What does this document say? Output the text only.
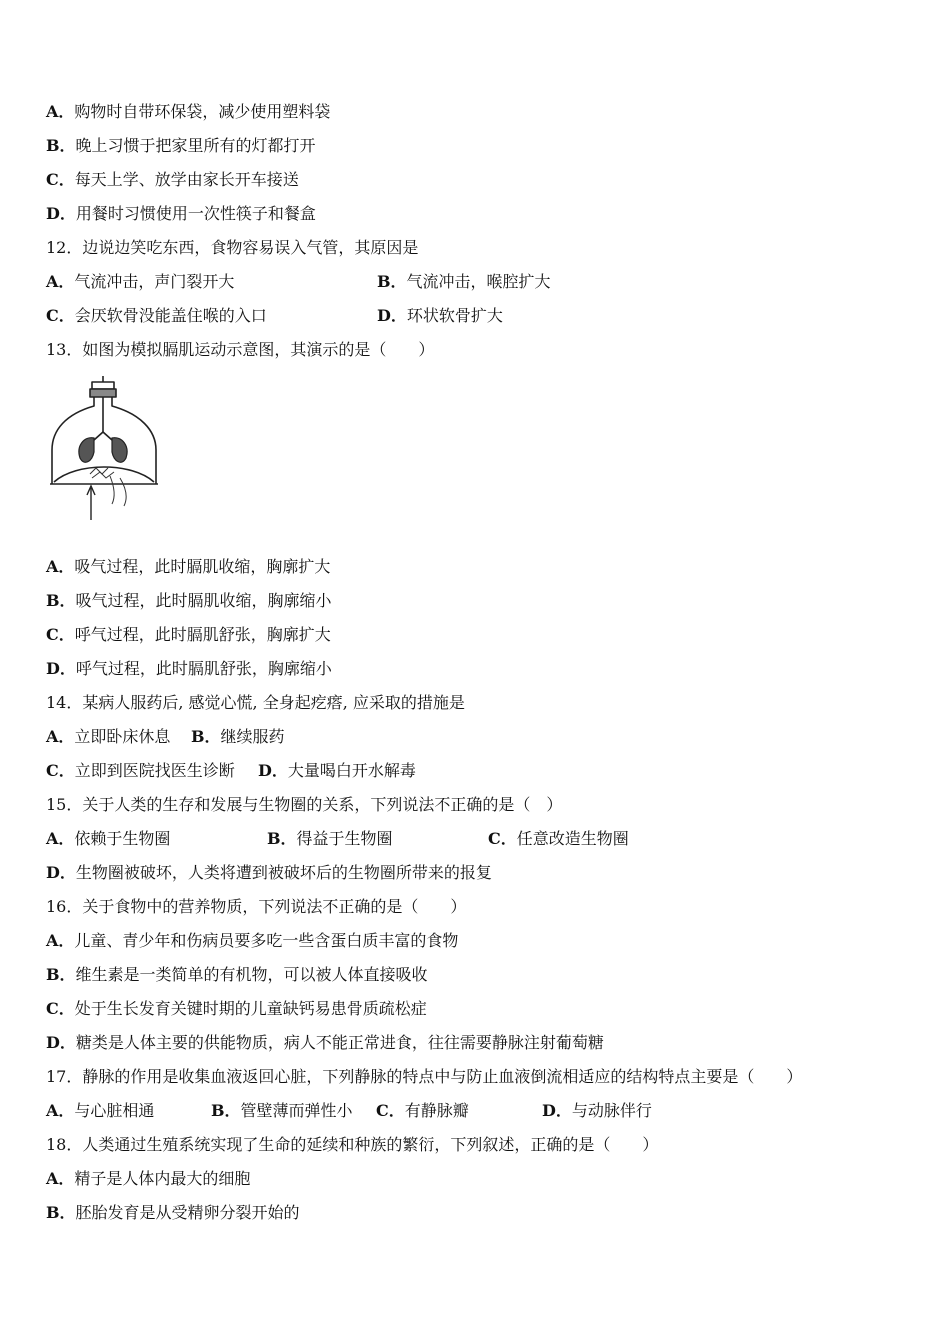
A．购物时自带环保袋，减少使用塑料袋
B．晚上习惯于把家里所有的灯都打开
C．每天上学、放学由家长开车接送
D．用餐时习惯使用一次性筷子和餐盒
12．边说边笑吃东西，食物容易误入气管，其原因是
A．气流冲击，声门裂开大	B．气流冲击，喉腔扩大
C．会厌软骨没能盖住喉的入口	D．环状软骨扩大
13．如图为模拟膈肌运动示意图，其演示的是（　　）
A．吸气过程，此时膈肌收缩，胸廓扩大
B．吸气过程，此时膈肌收缩，胸廓缩小
C．呼气过程，此时膈肌舒张，胸廓扩大
D．呼气过程，此时膈肌舒张，胸廓缩小
14．某病人服药后, 感觉心慌, 全身起疙瘩, 应采取的措施是
A．立即卧床休息 B．继续服药
C．立即到医院找医生诊断 D．大量喝白开水解毒
15．关于人类的生存和发展与生物圈的关系，下列说法不正确的是（　）
A．依赖于生物圈	B．得益于生物圈	C．任意改造生物圈
D．生物圈被破坏，人类将遭到被破坏后的生物圈所带来的报复
16．关于食物中的营养物质，下列说法不正确的是（　　）
A．儿童、青少年和伤病员要多吃一些含蛋白质丰富的食物
B．维生素是一类简单的有机物，可以被人体直接吸收
C．处于生长发育关键时期的儿童缺钙易患骨质疏松症
D．糖类是人体主要的供能物质，病人不能正常进食，往往需要静脉注射葡萄糖
17．静脉的作用是收集血液返回心脏，下列静脉的特点中与防止血液倒流相适应的结构特点主要是（　　）
A．与心脏相通	B．管壁薄而弹性小 C．有静脉瓣	D．与动脉伴行
18．人类通过生殖系统实现了生命的延续和种族的繁衍，下列叙述，正确的是（　　）
A．精子是人体内最大的细胞
B．胚胎发育是从受精卵分裂开始的
